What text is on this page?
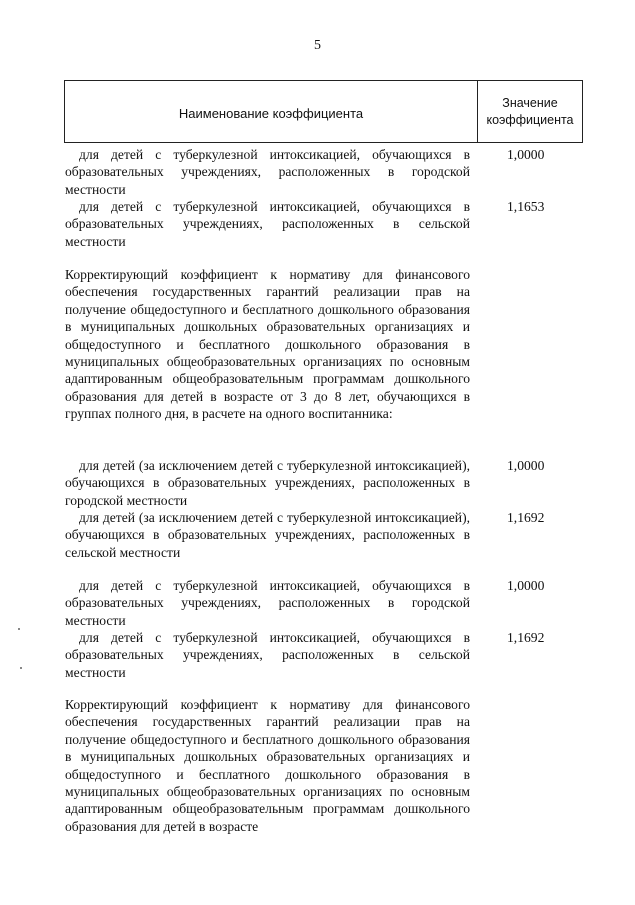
5
Наименование коэффициента
Значение
коэффициента

для детей с туберкулезной интоксикацией, обучающихся в образовательных учреждениях, расположенных в городской местности

1,0000

для детей с туберкулезной интоксикацией, обучающихся в образовательных учреждениях, расположенных в сельской местности

1,1653

Корректирующий коэффициент к нормативу для финансового обеспечения государственных гарантий реализации прав на получение общедоступного и бесплатного дошкольного образования в муниципальных дошкольных образовательных организациях и общедоступного и бесплатного дошкольного образования в муниципальных общеобразовательных организациях по основным адаптированным общеобразовательным программам дошкольного образования для детей в возрасте от 3 до 8 лет, обучающихся в группах полного дня, в расчете на одного воспитанника:

для детей (за исключением детей с туберкулезной интоксикацией), обучающихся в образовательных учреждениях, расположенных в городской местности

1,0000

для детей (за исключением детей с туберкулезной интоксикацией), обучающихся в образовательных учреждениях, расположенных в сельской местности

1,1692

для детей с туберкулезной интоксикацией, обучающихся в образовательных учреждениях, расположенных в городской местности

1,0000

для детей с туберкулезной интоксикацией, обучающихся в образовательных учреждениях, расположенных в сельской местности

1,1692

Корректирующий коэффициент к нормативу для финансового обеспечения государственных гарантий реализации прав на получение общедоступного и бесплатного дошкольного образования в муниципальных дошкольных образовательных организациях и общедоступного и бесплатного дошкольного образования в муниципальных общеобразовательных организациях по основным адаптированным общеобразовательным программам дошкольного образования для детей в возрасте
